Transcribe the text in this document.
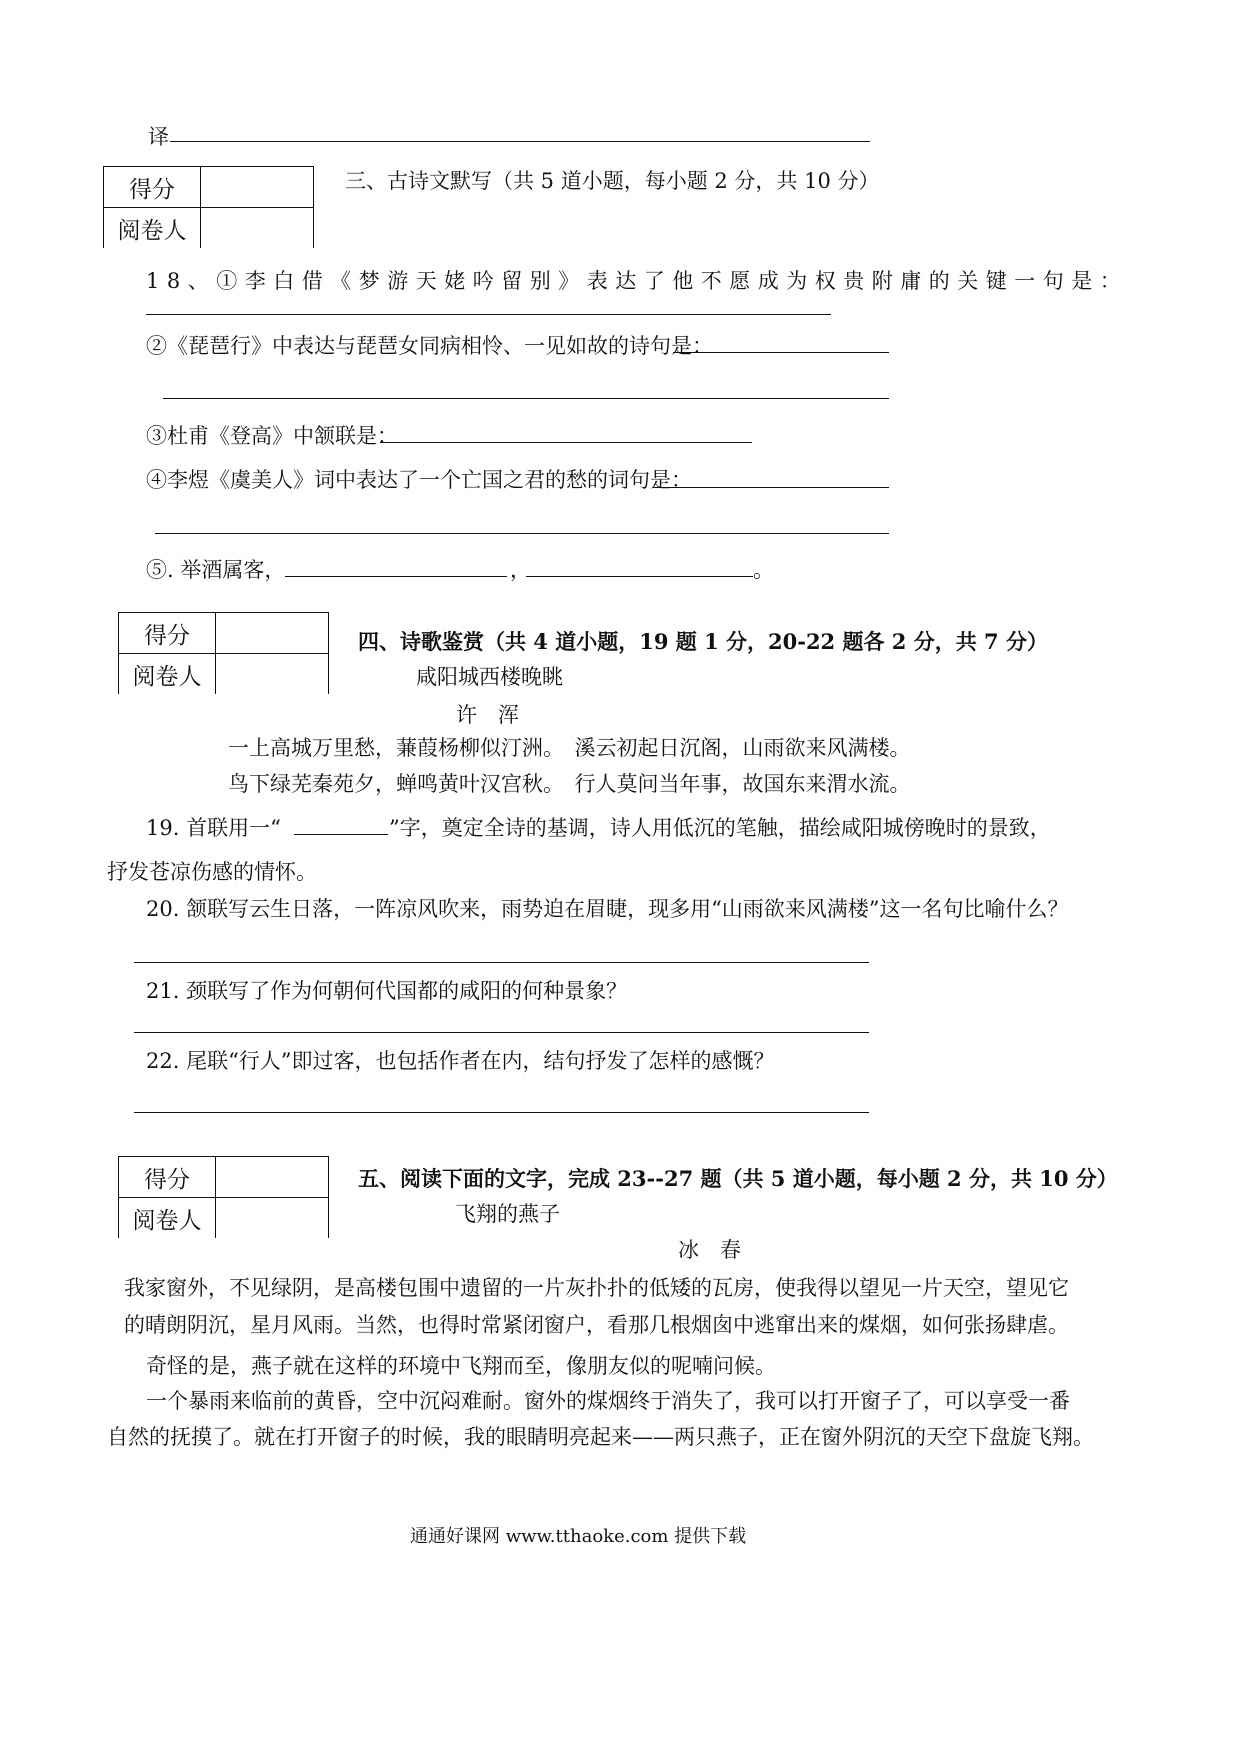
译
得分	
阅卷人	
三、古诗文默写（共 5 道小题，每小题 2 分，共 10 分）
18、①李白借《梦游天姥吟留别》表达了他不愿成为权贵附庸的关键一句是：
②《琵琶行》中表达与琵琶女同病相怜、一见如故的诗句是：
③杜甫《登高》中颔联是：
④李煜《虞美人》词中表达了一个亡国之君的愁的词句是：
⑤. 举酒属客，	，	。
得分	
阅卷人	
四、诗歌鉴赏（共 4 道小题，19 题 1 分，20-22 题各 2 分，共 7 分）
咸阳城西楼晚眺
许　浑
一上高城万里愁，蒹葭杨柳似汀洲。　溪云初起日沉阁，山雨欲来风满楼。
鸟下绿芜秦苑夕，蝉鸣黄叶汉宫秋。　行人莫问当年事，故国东来渭水流。
19. 首联用一“	”字，奠定全诗的基调，诗人用低沉的笔触，描绘咸阳城傍晚时的景致，
抒发苍凉伤感的情怀。
20. 颔联写云生日落，一阵凉风吹来，雨势迫在眉睫，现多用“山雨欲来风满楼”这一名句比喻什么？
21. 颈联写了作为何朝何代国都的咸阳的何种景象？
22. 尾联“行人”即过客，也包括作者在内，结句抒发了怎样的感慨？
得分	
阅卷人	
五、阅读下面的文字，完成 23--27 题（共 5 道小题，每小题 2 分，共 10 分）
飞翔的燕子
冰　春
我家窗外，不见绿阴，是高楼包围中遗留的一片灰扑扑的低矮的瓦房，使我得以望见一片天空，望见它
的晴朗阴沉，星月风雨。当然，也得时常紧闭窗户，看那几根烟囱中逃窜出来的煤烟，如何张扬肆虐。
奇怪的是，燕子就在这样的环境中飞翔而至，像朋友似的呢喃问候。
一个暴雨来临前的黄昏，空中沉闷难耐。窗外的煤烟终于消失了，我可以打开窗子了，可以享受一番
自然的抚摸了。就在打开窗子的时候，我的眼睛明亮起来——两只燕子，正在窗外阴沉的天空下盘旋飞翔。
通通好课网 www.tthaoke.com 提供下载
